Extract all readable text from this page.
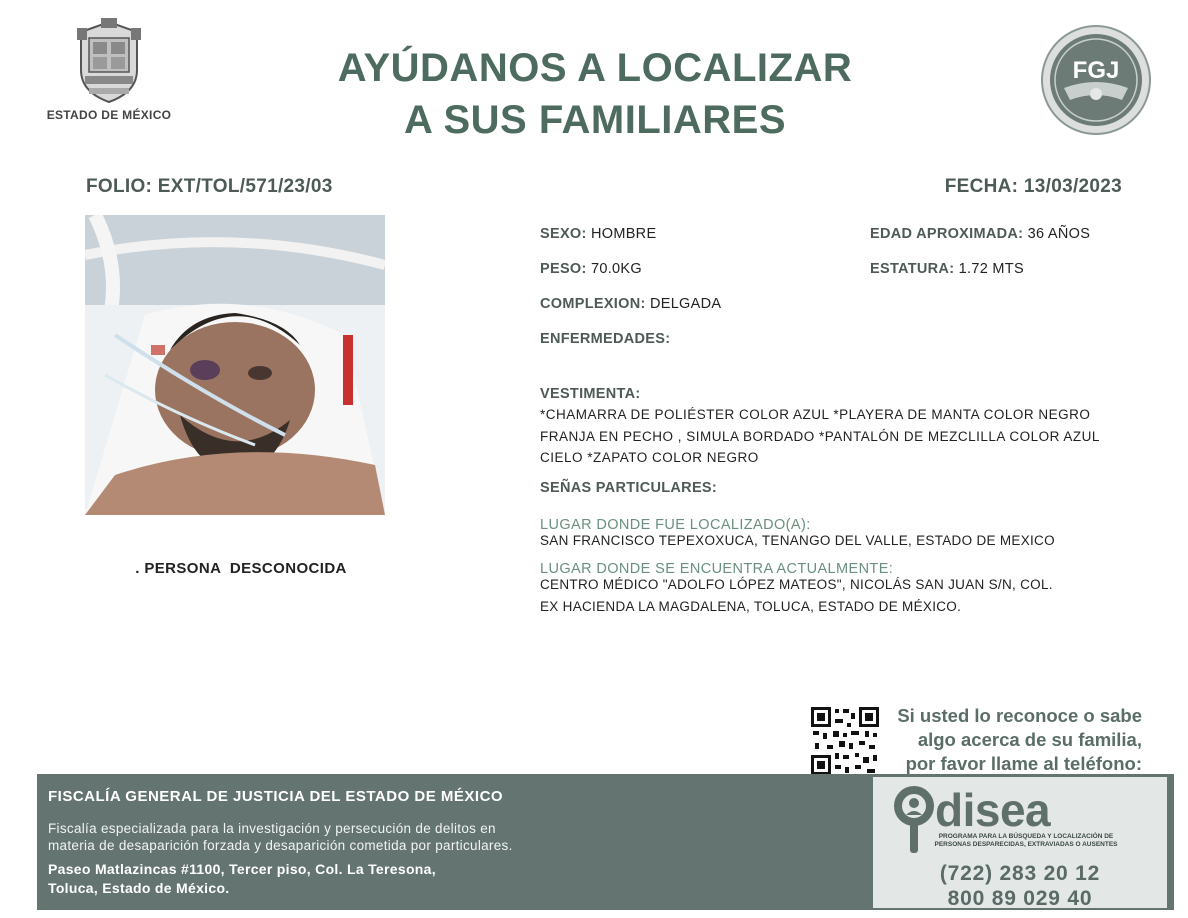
ESTADO DE MÉXICO
AYÚDANOS A LOCALIZAR
A SUS FAMILIARES
FGJ
FOLIO: EXT/TOL/571/23/03	FECHA: 13/03/2023
. PERSONA  DESCONOCIDA
SEXO: HOMBRE	EDAD APROXIMADA: 36 AÑOS
PESO: 70.0KG	ESTATURA: 1.72 MTS
COMPLEXION: DELGADA
ENFERMEDADES:
VESTIMENTA:
*CHAMARRA DE POLIÉSTER COLOR AZUL *PLAYERA DE MANTA COLOR NEGRO FRANJA EN PECHO , SIMULA BORDADO *PANTALÓN DE MEZCLILLA COLOR AZUL CIELO *ZAPATO COLOR NEGRO
SEÑAS PARTICULARES:
LUGAR DONDE FUE LOCALIZADO(A):
SAN FRANCISCO TEPEXOXUCA, TENANGO DEL VALLE, ESTADO DE MEXICO
LUGAR DONDE SE ENCUENTRA ACTUALMENTE:
CENTRO MÉDICO "ADOLFO LÓPEZ MATEOS", NICOLÁS SAN JUAN S/N, COL.
EX HACIENDA LA MAGDALENA, TOLUCA, ESTADO DE MÉXICO.
Si usted lo reconoce o sabe
algo acerca de su familia,
por favor llame al teléfono:
FISCALÍA GENERAL DE JUSTICIA DEL ESTADO DE MÉXICO
Fiscalía especializada para la investigación y persecución de delitos en
materia de desaparición forzada y desaparición cometida por particulares.
Paseo Matlazincas #1100, Tercer piso, Col. La Teresona,
Toluca, Estado de México.
disea
PROGRAMA PARA LA BÚSQUEDA Y LOCALIZACIÓN DE PERSONAS DESPARECIDAS, EXTRAVIADAS O AUSENTES
(722) 283 20 12
800 89 029 40
